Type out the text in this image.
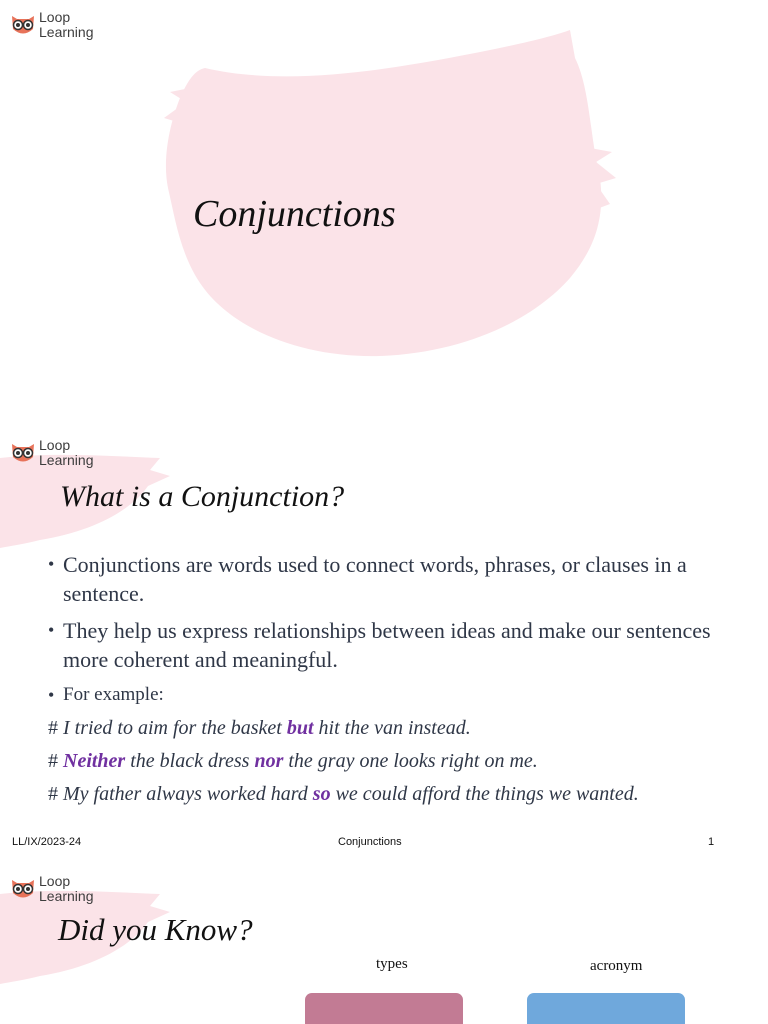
Loop
Learning
Conjunctions
Loop
Learning
What is a Conjunction?
• Conjunctions are words used to connect words, phrases, or clauses in a sentence.
• They help us express relationships between ideas and make our sentences more coherent and meaningful.
• For example:
# I tried to aim for the basket but hit the van instead.
# Neither the black dress nor the gray one looks right on me.
# My father always worked hard so we could afford the things we wanted.
LL/IX/2023-24	Conjunctions	1
Loop
Learning
Did you Know?
types	acronym
